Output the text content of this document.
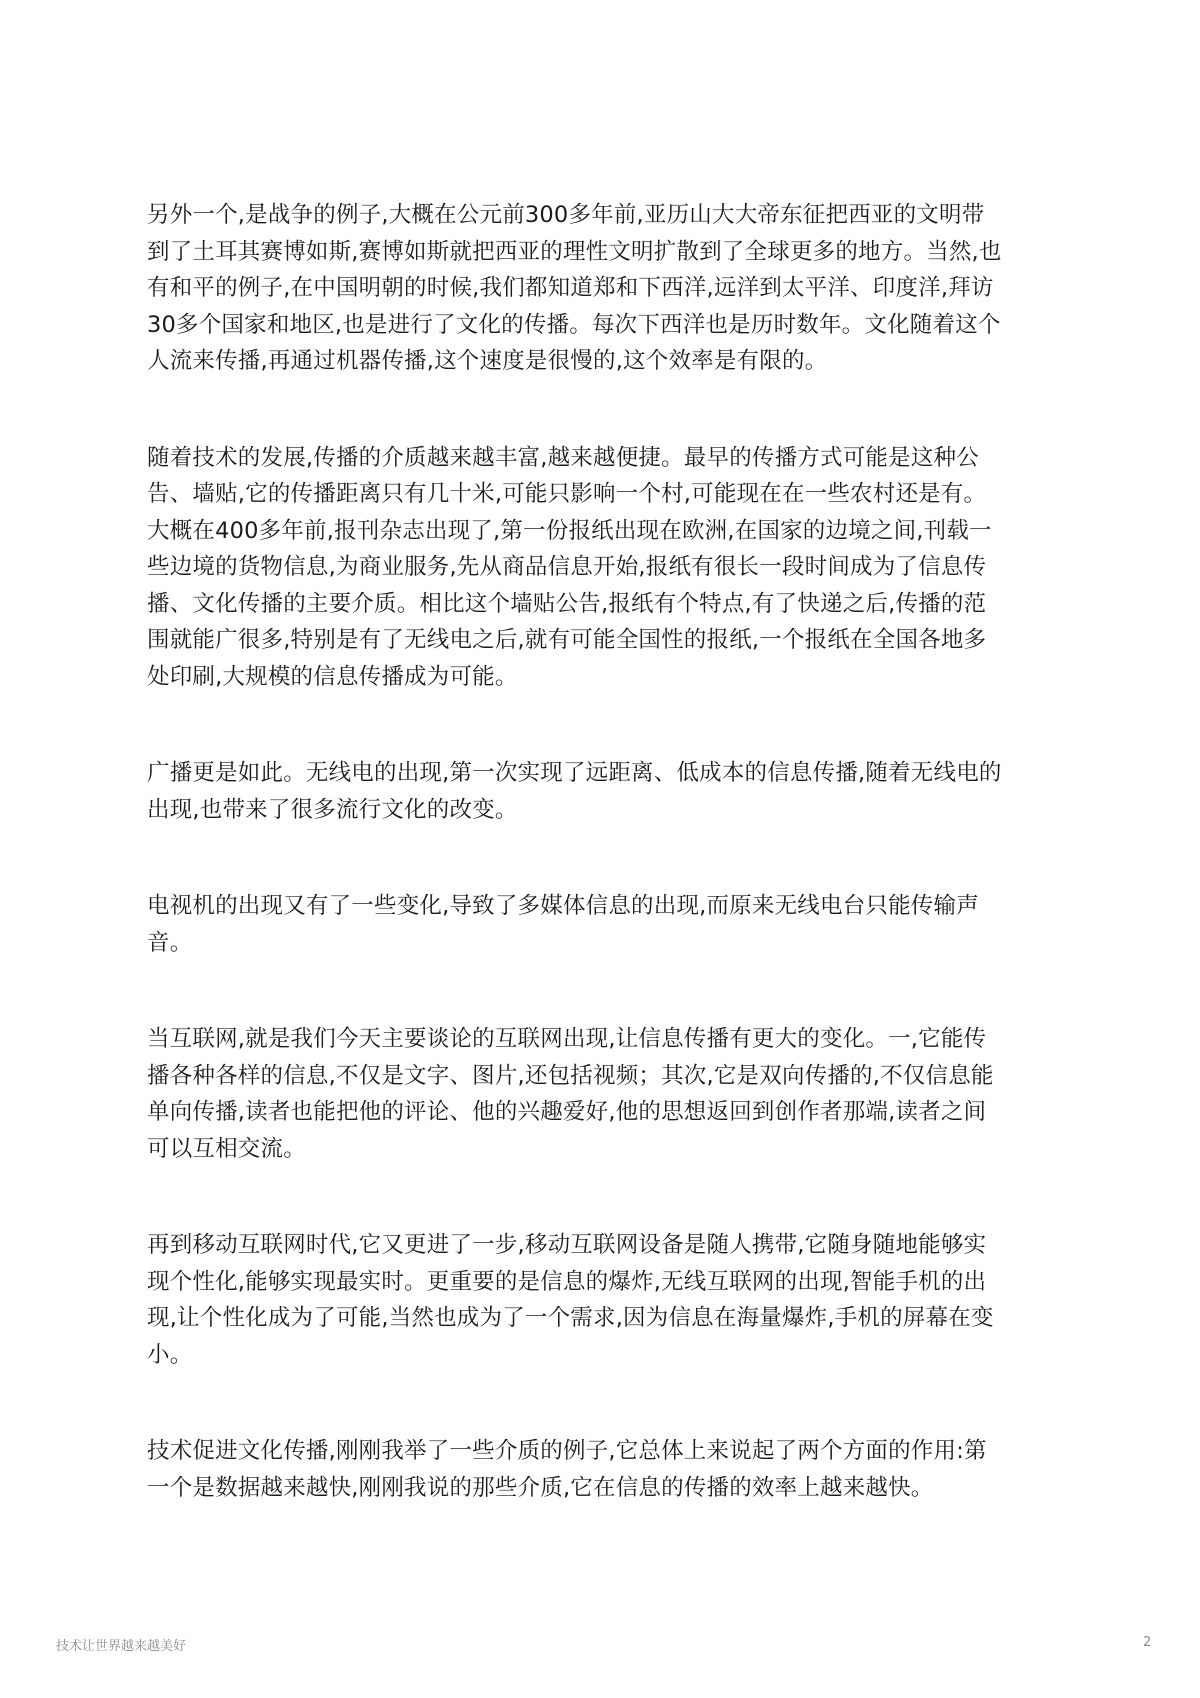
另外一个,是战争的例子,大概在公元前300多年前,亚历山大大帝东征把西亚的文明带
到了土耳其赛博如斯,赛博如斯就把西亚的理性文明扩散到了全球更多的地方。当然,也
有和平的例子,在中国明朝的时候,我们都知道郑和下西洋,远洋到太平洋、印度洋,拜访
30多个国家和地区,也是进行了文化的传播。每次下西洋也是历时数年。文化随着这个
人流来传播,再通过机器传播,这个速度是很慢的,这个效率是有限的。

随着技术的发展,传播的介质越来越丰富,越来越便捷。最早的传播方式可能是这种公
告、墙贴,它的传播距离只有几十米,可能只影响一个村,可能现在在一些农村还是有。
大概在400多年前,报刊杂志出现了,第一份报纸出现在欧洲,在国家的边境之间,刊载一
些边境的货物信息,为商业服务,先从商品信息开始,报纸有很长一段时间成为了信息传
播、文化传播的主要介质。相比这个墙贴公告,报纸有个特点,有了快递之后,传播的范
围就能广很多,特别是有了无线电之后,就有可能全国性的报纸,一个报纸在全国各地多
处印刷,大规模的信息传播成为可能。

广播更是如此。无线电的出现,第一次实现了远距离、低成本的信息传播,随着无线电的
出现,也带来了很多流行文化的改变。

电视机的出现又有了一些变化,导致了多媒体信息的出现,而原来无线电台只能传输声
音。

当互联网,就是我们今天主要谈论的互联网出现,让信息传播有更大的变化。一,它能传
播各种各样的信息,不仅是文字、图片,还包括视频；其次,它是双向传播的,不仅信息能
单向传播,读者也能把他的评论、他的兴趣爱好,他的思想返回到创作者那端,读者之间
可以互相交流。

再到移动互联网时代,它又更进了一步,移动互联网设备是随人携带,它随身随地能够实
现个性化,能够实现最实时。更重要的是信息的爆炸,无线互联网的出现,智能手机的出
现,让个性化成为了可能,当然也成为了一个需求,因为信息在海量爆炸,手机的屏幕在变
小。

技术促进文化传播,刚刚我举了一些介质的例子,它总体上来说起了两个方面的作用:第
一个是数据越来越快,刚刚我说的那些介质,它在信息的传播的效率上越来越快。

技术让世界越来越美好	2
